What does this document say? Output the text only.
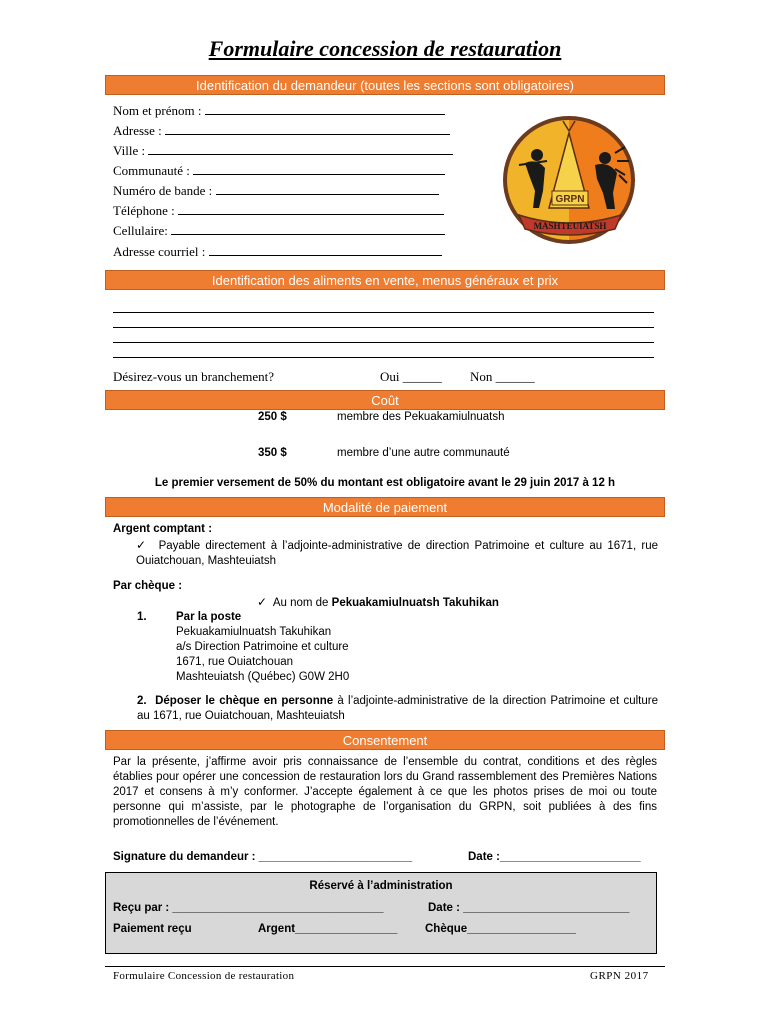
Formulaire concession de restauration
Identification du demandeur (toutes les sections sont obligatoires)
Nom et prénom :
Adresse :
Ville :
Communauté :
Numéro de bande :
Téléphone :
Cellulaire:
Adresse courriel :
GRPN
MASHTEUIATSH
Identification des aliments en vente, menus généraux et prix
Désirez-vous un branchement?	Oui ______ Non ______
Coût
250 $	membre des Pekuakamiulnuatsh
350 $	membre d’une autre communauté
Le premier versement de 50% du montant est obligatoire avant le 29 juin 2017 à 12 h
Modalité de paiement
Argent comptant :
✓ Payable directement à l’adjointe-administrative de direction Patrimoine et culture au 1671, rue Ouiatchouan, Mashteuiatsh
Par chèque :
✓ Au nom de Pekuakamiulnuatsh Takuhikan
1.	Par la poste
Pekuakamiulnuatsh Takuhikan
a/s Direction Patrimoine et culture
1671, rue Ouiatchouan
Mashteuiatsh (Québec) G0W 2H0
2. Déposer le chèque en personne à l’adjointe-administrative de la direction Patrimoine et culture au 1671, rue Ouiatchouan, Mashteuiatsh
Consentement
Par la présente, j’affirme avoir pris connaissance de l’ensemble du contrat, conditions et des règles établies pour opérer une concession de restauration lors du Grand rassemblement des Premières Nations 2017 et consens à m’y conformer. J’accepte également à ce que les photos prises de moi ou toute personne qui m’assiste, par le photographe de l’organisation du GRPN, soit publiées à des fins promotionnelles de l’événement.
Signature du demandeur : ________________________	Date :______________________
Réservé à l’administration
Reçu par : _________________________________	Date : __________________________
Paiement reçu	Argent________________ Chèque_________________
Formulaire Concession de restauration	GRPN 2017
